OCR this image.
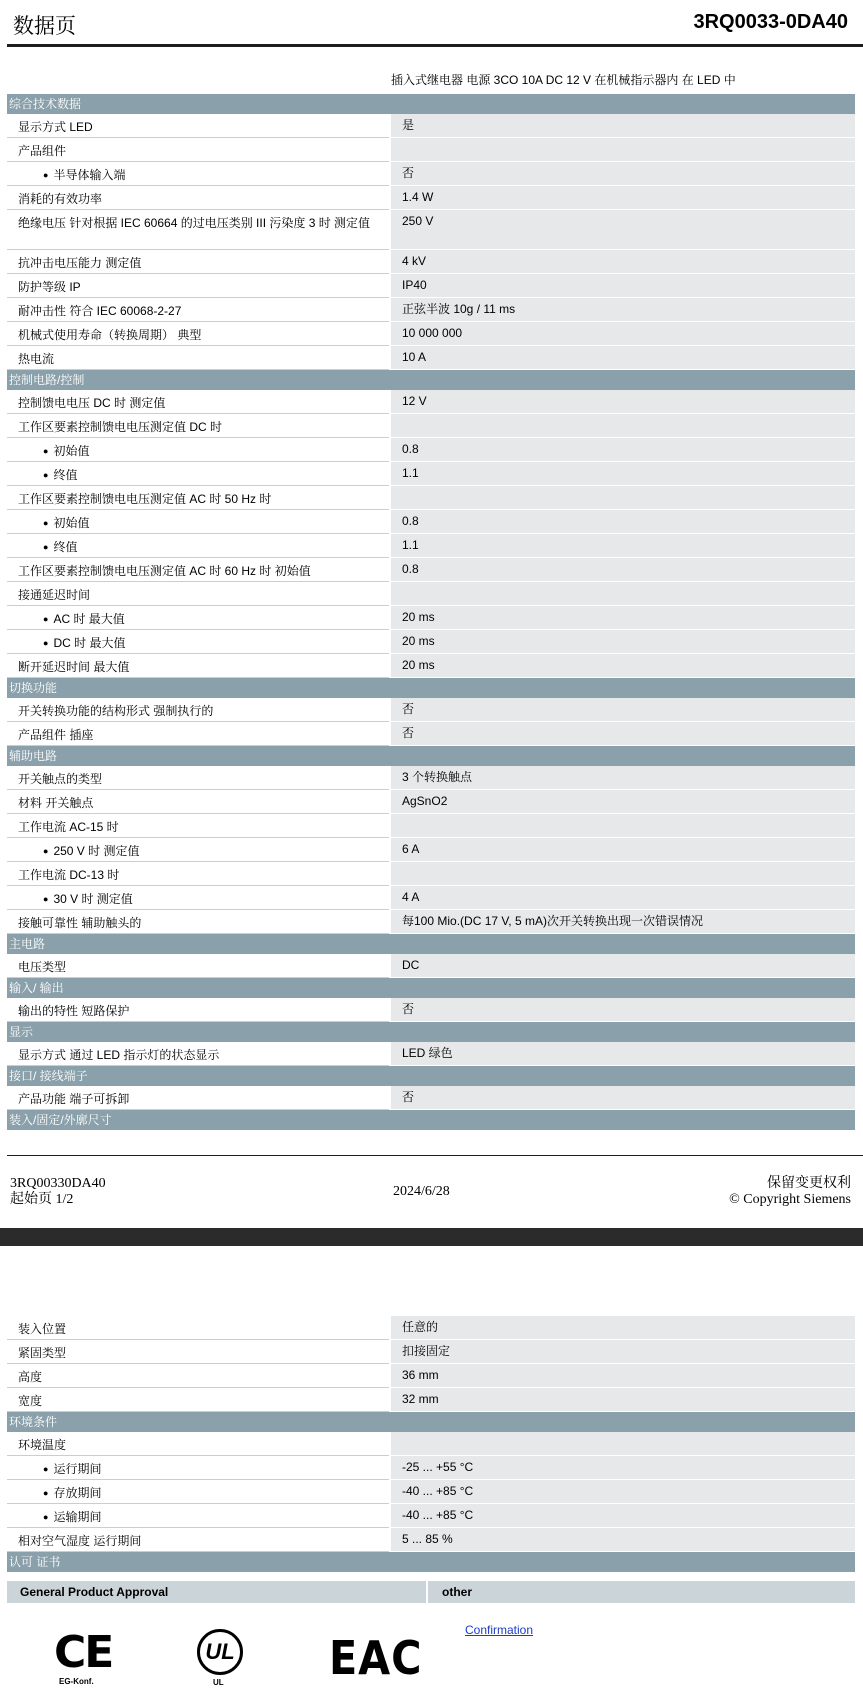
数据页	3RQ0033-0DA40
插入式继电器 电源 3CO 10A DC 12 V 在机械指示器内 在 LED 中
综合技术数据
显示方式 LED	是
产品组件
● 半导体输入端	否
消耗的有效功率	1.4 W
绝缘电压 针对根据 IEC 60664 的过电压类别 III 污染度 3 时 测定值	250 V
抗冲击电压能力 测定值	4 kV
防护等级 IP	IP40
耐冲击性 符合 IEC 60068-2-27	正弦半波 10g / 11 ms
机械式使用寿命（转换周期） 典型	10 000 000
热电流	10 A
控制电路/控制
控制馈电电压 DC 时 测定值	12 V
工作区要素控制馈电电压测定值 DC 时
● 初始值	0.8
● 终值	1.1
工作区要素控制馈电电压测定值 AC 时 50 Hz 时
● 初始值	0.8
● 终值	1.1
工作区要素控制馈电电压测定值 AC 时 60 Hz 时 初始值	0.8
接通延迟时间
● AC 时 最大值	20 ms
● DC 时 最大值	20 ms
断开延迟时间 最大值	20 ms
切换功能
开关转换功能的结构形式 强制执行的	否
产品组件 插座	否
辅助电路
开关触点的类型	3 个转换触点
材料 开关触点	AgSnO2
工作电流 AC-15 时
● 250 V 时 测定值	6 A
工作电流 DC-13 时
● 30 V 时 测定值	4 A
接触可靠性 辅助触头的	每100 Mio.(DC 17 V, 5 mA)次开关转换出现一次错误情况
主电路
电压类型	DC
输入/ 输出
输出的特性 短路保护	否
显示
显示方式 通过 LED 指示灯的状态显示	LED 绿色
接口/ 接线端子
产品功能 端子可拆卸	否
装入/固定/外廓尺寸
3RQ00330DA40
起始页 1/2
2024/6/28
保留变更权利
© Copyright Siemens
装入位置	任意的
紧固类型	扣接固定
高度	36 mm
宽度	32 mm
环境条件
环境温度
● 运行期间	-25 ... +55 °C
● 存放期间	-40 ... +85 °C
● 运输期间	-40 ... +85 °C
相对空气湿度 运行期间	5 ... 85 %
认可 证书
General Product Approval	other
CE
EG-Konf.
UL
UL EAC
Confirmation
